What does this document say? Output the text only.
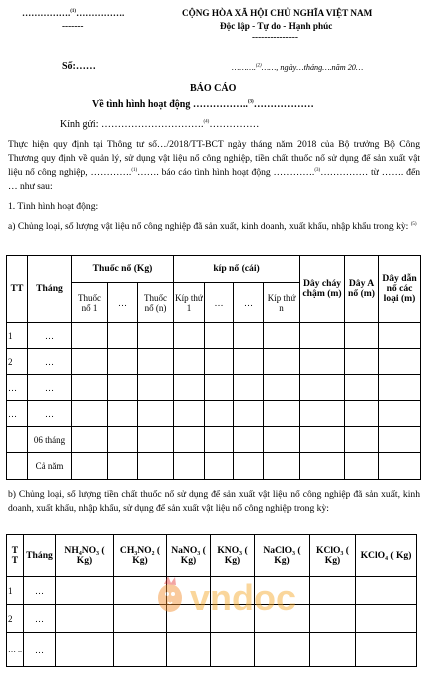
…………….$^{(1)}$…………….
-------
CỘNG HÒA XÃ HỘI CHỦ NGHĨA VIỆT NAM
Độc lập - Tự do - Hạnh phúc
---------------
Số:……	……….$^{(2)}$……, ngày…tháng….năm 20…
BÁO CÁO
Về tình hình hoạt động ……………..$^{(3)}$………………
Kính gửi: ………………………….$^{(4)}$……………
Thực hiện quy định tại Thông tư số…/2018/TT-BCT ngày tháng năm 2018 của Bộ trưởng Bộ Công Thương quy định về quản lý, sử dụng vật liệu nổ công nghiệp, tiền chất thuốc nổ sử dụng để sản xuất vật liệu nổ công nghiệp, ………….$^{(1)}$……. báo cáo tình hình hoạt động ………….$^{(3)}$…………… từ ……. đến … như sau:
1. Tình hình hoạt động:
a) Chủng loại, số lượng vật liệu nổ công nghiệp đã sản xuất, kinh doanh, xuất khẩu, nhập khẩu trong kỳ: $^{(5)}$
TT	Tháng	Thuốc nổ (Kg)			kíp nổ (cái)				Dây cháy chậm (m)	Dây A nổ (m)	Dây dẫn nổ các loại (m)
		Thuốc nổ 1	…	Thuốc nổ (n)	Kíp thứ 1	…	…	Kíp thứ n			
1	…										
2	…										
…	…										
…	…										
	06 tháng										
	Cả năm										
b) Chủng loại, số lượng tiền chất thuốc nổ sử dụng để sản xuất vật liệu nổ công nghiệp đã sản xuất, kinh doanh, xuất khẩu, nhập khẩu, sử dụng để sản xuất vật liệu nổ công nghiệp trong kỳ:
T T	Tháng	NH₄NO₃ ( Kg)	CH₃NO₂ ( Kg)	NaNO₃ ( Kg)	KNO₃ ( Kg)	NaClO₃ ( Kg)	KClO₃ ( Kg)	KClO₄ ( Kg)
1	…							
2	…							
… ..	…							
vndoc
